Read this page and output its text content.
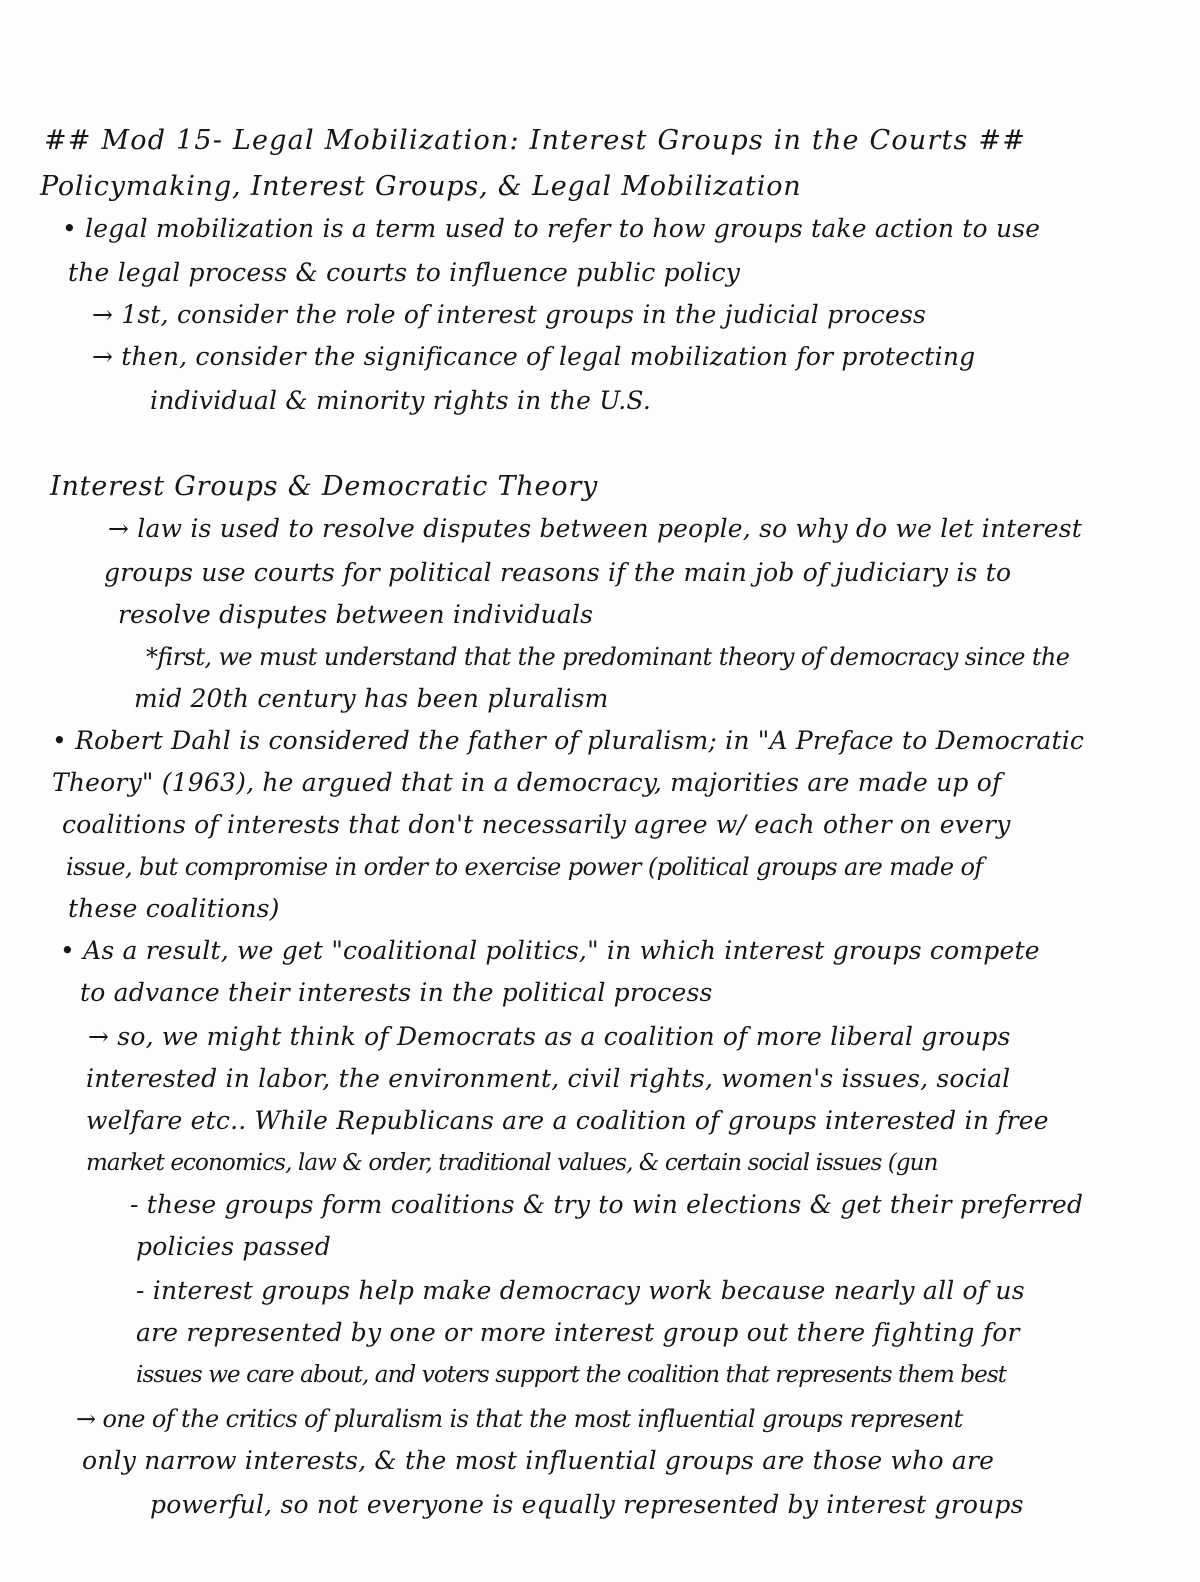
## Mod 15- Legal Mobilization: Interest Groups in the Courts ##
Policymaking, Interest Groups, & Legal Mobilization
• legal mobilization is a term used to refer to how groups take action to use
the legal process & courts to influence public policy
→ 1st, consider the role of interest groups in the judicial process
→ then, consider the significance of legal mobilization for protecting
individual & minority rights in the U.S.
Interest Groups & Democratic Theory
→ law is used to resolve disputes between people, so why do we let interest
groups use courts for political reasons if the main job of judiciary is to
resolve disputes between individuals
*first, we must understand that the predominant theory of democracy since the
mid 20th century has been pluralism
• Robert Dahl is considered the father of pluralism; in "A Preface to Democratic
Theory" (1963), he argued that in a democracy, majorities are made up of
coalitions of interests that don't necessarily agree w/ each other on every
issue, but compromise in order to exercise power (political groups are made of
these coalitions)
• As a result, we get "coalitional politics," in which interest groups compete
to advance their interests in the political process
→ so, we might think of Democrats as a coalition of more liberal groups
interested in labor, the environment, civil rights, women's issues, social
welfare etc.. While Republicans are a coalition of groups interested in free
market economics, law & order, traditional values, & certain social issues (gun
- these groups form coalitions & try to win elections & get their preferred
policies passed
- interest groups help make democracy work because nearly all of us
are represented by one or more interest group out there fighting for
issues we care about, and voters support the coalition that represents them best
→ one of the critics of pluralism is that the most influential groups represent
only narrow interests, & the most influential groups are those who are
powerful, so not everyone is equally represented by interest groups
